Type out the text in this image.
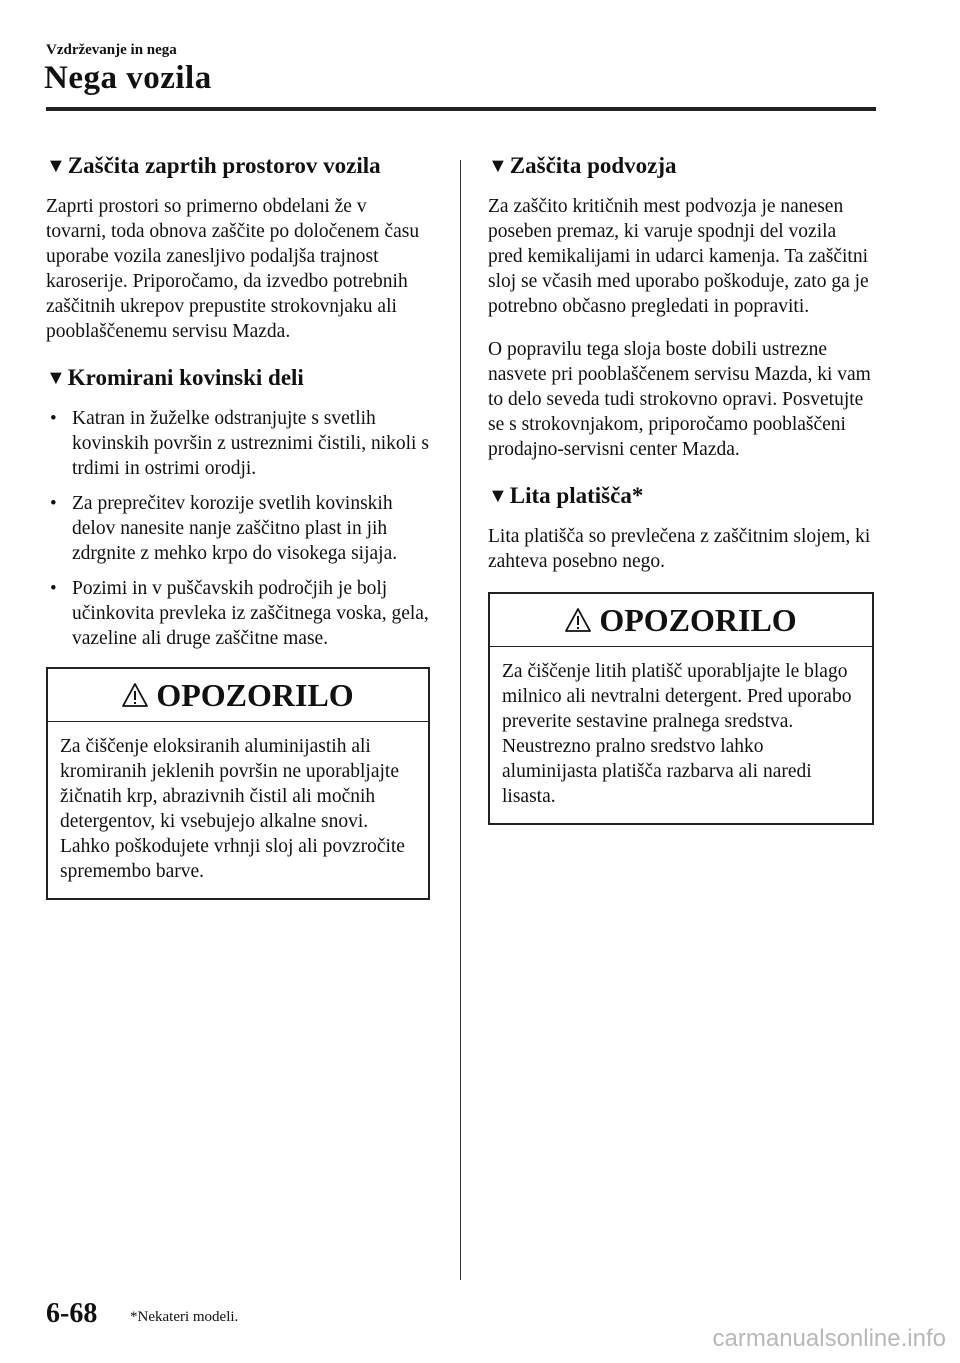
Vzdrževanje in nega
Nega vozila
▼ Zaščita zaprtih prostorov vozila

Zaprti prostori so primerno obdelani že v tovarni, toda obnova zaščite po določenem času uporabe vozila zanesljivo podaljša trajnost karoserije. Priporočamo, da izvedbo potrebnih zaščitnih ukrepov prepustite strokovnjaku ali pooblaščenemu servisu Mazda.

▼ Kromirani kovinski deli
• Katran in žuželke odstranjujte s svetlih kovinskih površin z ustreznimi čistili, nikoli s trdimi in ostrimi orodji.
• Za preprečitev korozije svetlih kovinskih delov nanesite nanje zaščitno plast in jih zdrgnite z mehko krpo do visokega sijaja.
• Pozimi in v puščavskih področjih je bolj učinkovita prevleka iz zaščitnega voska, gela, vazeline ali druge zaščitne mase.
OPOZORILO
Za čiščenje eloksiranih aluminijastih ali kromiranih jeklenih površin ne uporabljajte žičnatih krp, abrazivnih čistil ali močnih detergentov, ki vsebujejo alkalne snovi. Lahko poškodujete vrhnji sloj ali povzročite spremembo barve.
▼ Zaščita podvozja

Za zaščito kritičnih mest podvozja je nanesen poseben premaz, ki varuje spodnji del vozila pred kemikalijami in udarci kamenja. Ta zaščitni sloj se včasih med uporabo poškoduje, zato ga je potrebno občasno pregledati in popraviti.

O popravilu tega sloja boste dobili ustrezne nasvete pri pooblaščenem servisu Mazda, ki vam to delo seveda tudi strokovno opravi. Posvetujte se s strokovnjakom, priporočamo pooblaščeni prodajno-servisni center Mazda.

▼ Lita platišča*

Lita platišča so prevlečena z zaščitnim slojem, ki zahteva posebno nego.

OPOZORILO
Za čiščenje litih platišč uporabljajte le blago milnico ali nevtralni detergent. Pred uporabo preverite sestavine pralnega sredstva. Neustrezno pralno sredstvo lahko aluminijasta platišča razbarva ali naredi lisasta.
6-68 *Nekateri modeli.
carmanualsonline.info
